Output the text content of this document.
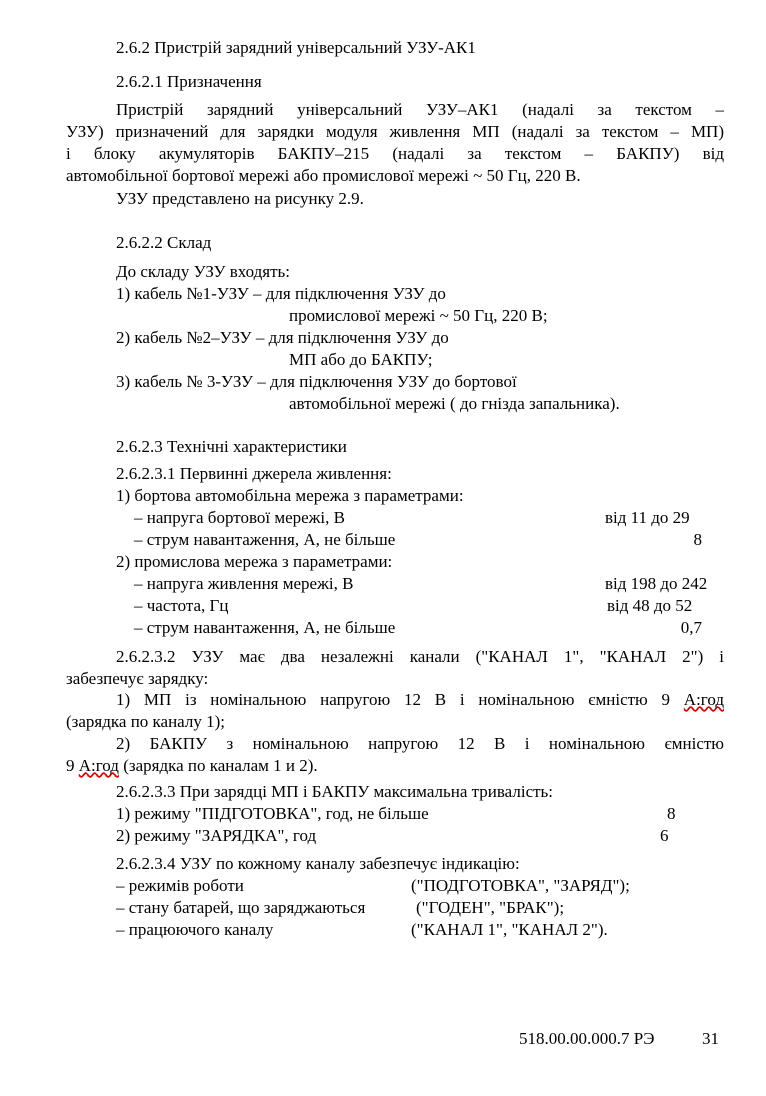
2.6.2 Пристрій зарядний універсальний УЗУ-АК1
2.6.2.1 Призначення
Пристрій зарядний універсальний УЗУ–АК1 (надалі за текстом –
УЗУ) призначений для зарядки модуля живлення МП (надалі за текстом – МП)
і блоку акумуляторів БАКПУ–215 (надалі за текстом – БАКПУ) від
автомобільної бортової мережі або промислової мережі ~ 50 Гц, 220 В.
УЗУ представлено на рисунку 2.9.
2.6.2.2 Склад
До складу УЗУ входять:
1) кабель №1-УЗУ – для підключення УЗУ до
промислової мережі ~ 50 Гц, 220 В;
2) кабель №2–УЗУ – для підключення УЗУ до
МП або до БАКПУ;
3) кабель № 3-УЗУ – для підключення УЗУ до бортової
автомобільної мережі ( до гнізда запальника).
2.6.2.3 Технічні характеристики
2.6.2.3.1 Первинні джерела живлення:
1) бортова автомобільна мережа з параметрами:
– напруга бортової мережі, В	від 11 до 29
– струм навантаження, А, не більше	8
2) промислова мережа з параметрами:
– напруга живлення мережі, В	від 198 до 242
– частота, Гц	від 48 до 52
– струм навантаження, А, не більше	0,7
2.6.2.3.2 УЗУ має два незалежні канали ("КАНАЛ 1", "КАНАЛ 2") і
забезпечує зарядку:
1) МП із номінальною напругою 12 В і номінальною ємністю 9 А:год
(зарядка по каналу 1);
2) БАКПУ з номінальною напругою 12 В і номінальною ємністю
9 А:год (зарядка по каналам 1 и 2).
2.6.2.3.3 При зарядці МП і БАКПУ максимальна тривалість:
1) режиму "ПІДГОТОВКА", год, не більше	8
2) режиму "ЗАРЯДКА", год	6
2.6.2.3.4 УЗУ по кожному каналу забезпечує індикацію:
– режимів роботи	("ПОДГОТОВКА", "ЗАРЯД");
– стану батарей, що заряджаються	("ГОДЕН", "БРАК");
– працюючого каналу	("КАНАЛ 1", "КАНАЛ 2").
518.00.00.000.7 РЭ	31
